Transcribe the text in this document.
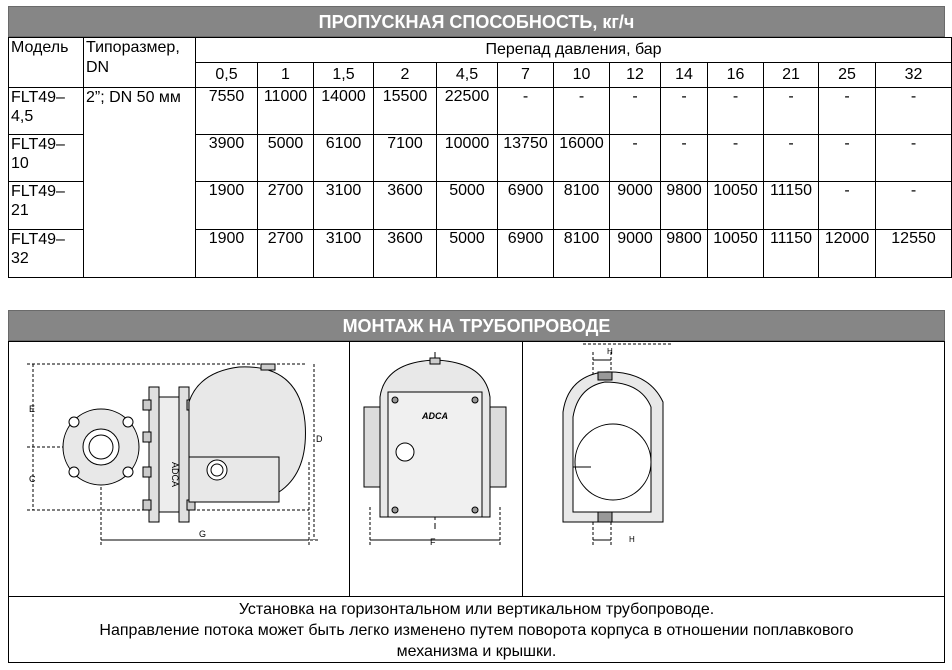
ПРОПУСКНАЯ СПОСОБНОСТЬ, кг/ч
Модель	Типоразмер, DN	Перепад давления, бар												
		0,5	1	1,5	2	4,5	7	10	12	14	16	21	25	32
FLT49–4,5	2”; DN 50 мм	7550	11000	14000	15500	22500	-	-	-	-	-	-	-	-
FLT49–10		3900	5000	6100	7100	10000	13750	16000	-	-	-	-	-	-
FLT49–21		1900	2700	3100	3600	5000	6900	8100	9000	9800	10050	11150	-	-
FLT49–32		1900	2700	3100	3600	5000	6900	8100	9000	9800	10050	11150	12000	12550
МОНТАЖ НА ТРУБОПРОВОДЕ
ADCA
E
C
D
G
ADCA
F
H
H
Установка на горизонтальном или вертикальном трубопроводе.
Направление потока может быть легко изменено путем поворота корпуса в отношении поплавкового
механизма и крышки.
